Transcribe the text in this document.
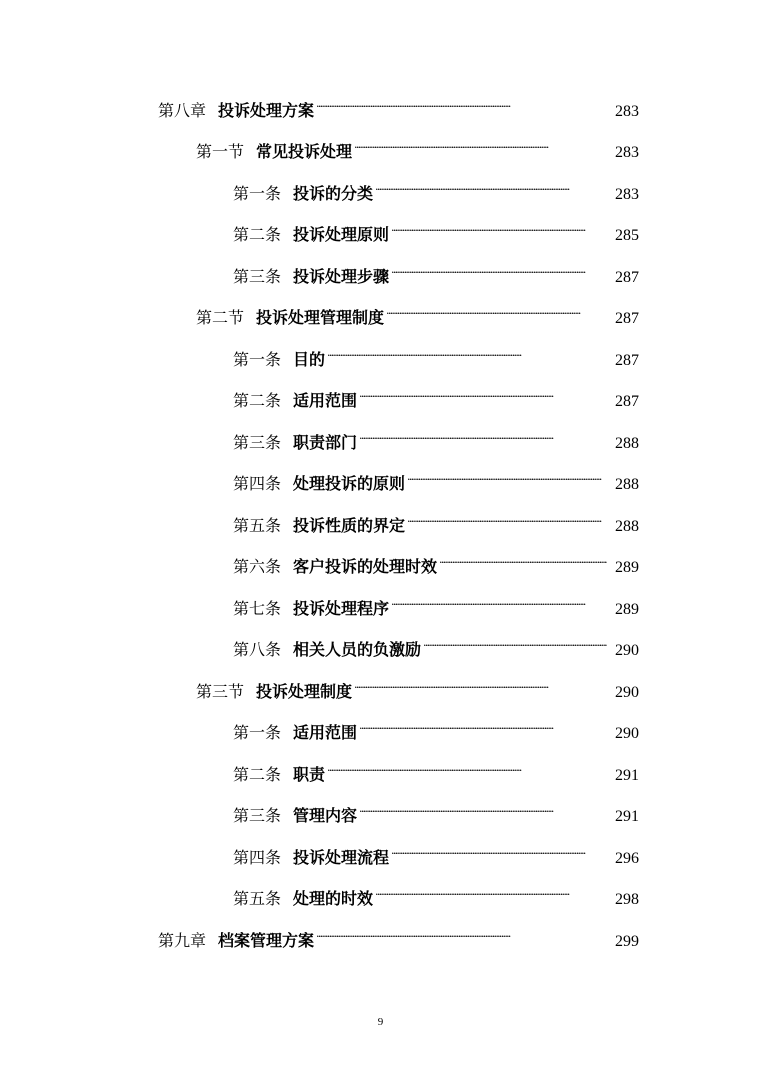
第八章 投诉处理方案 . . .	283
第一节 常见投诉处理 . . .	283
第一条 投诉的分类 . . .	283
第二条 投诉处理原则 . . .	285
第三条 投诉处理步骤 . . .	287
第二节 投诉处理管理制度 . . .	287
第一条 目的 . . .	287
第二条 适用范围 . . .	287
第三条 职责部门 . . .	288
第四条 处理投诉的原则 . . .	288
第五条 投诉性质的界定 . . .	288
第六条 客户投诉的处理时效 . . .	289
第七条 投诉处理程序 . . .	289
第八条 相关人员的负激励 . . .	290
第三节 投诉处理制度 . . .	290
第一条 适用范围 . . .	290
第二条 职责 . . .	291
第三条 管理内容 . . .	291
第四条 投诉处理流程 . . .	296
第五条 处理的时效 . . .	298
第九章 档案管理方案 . . .	299
9
